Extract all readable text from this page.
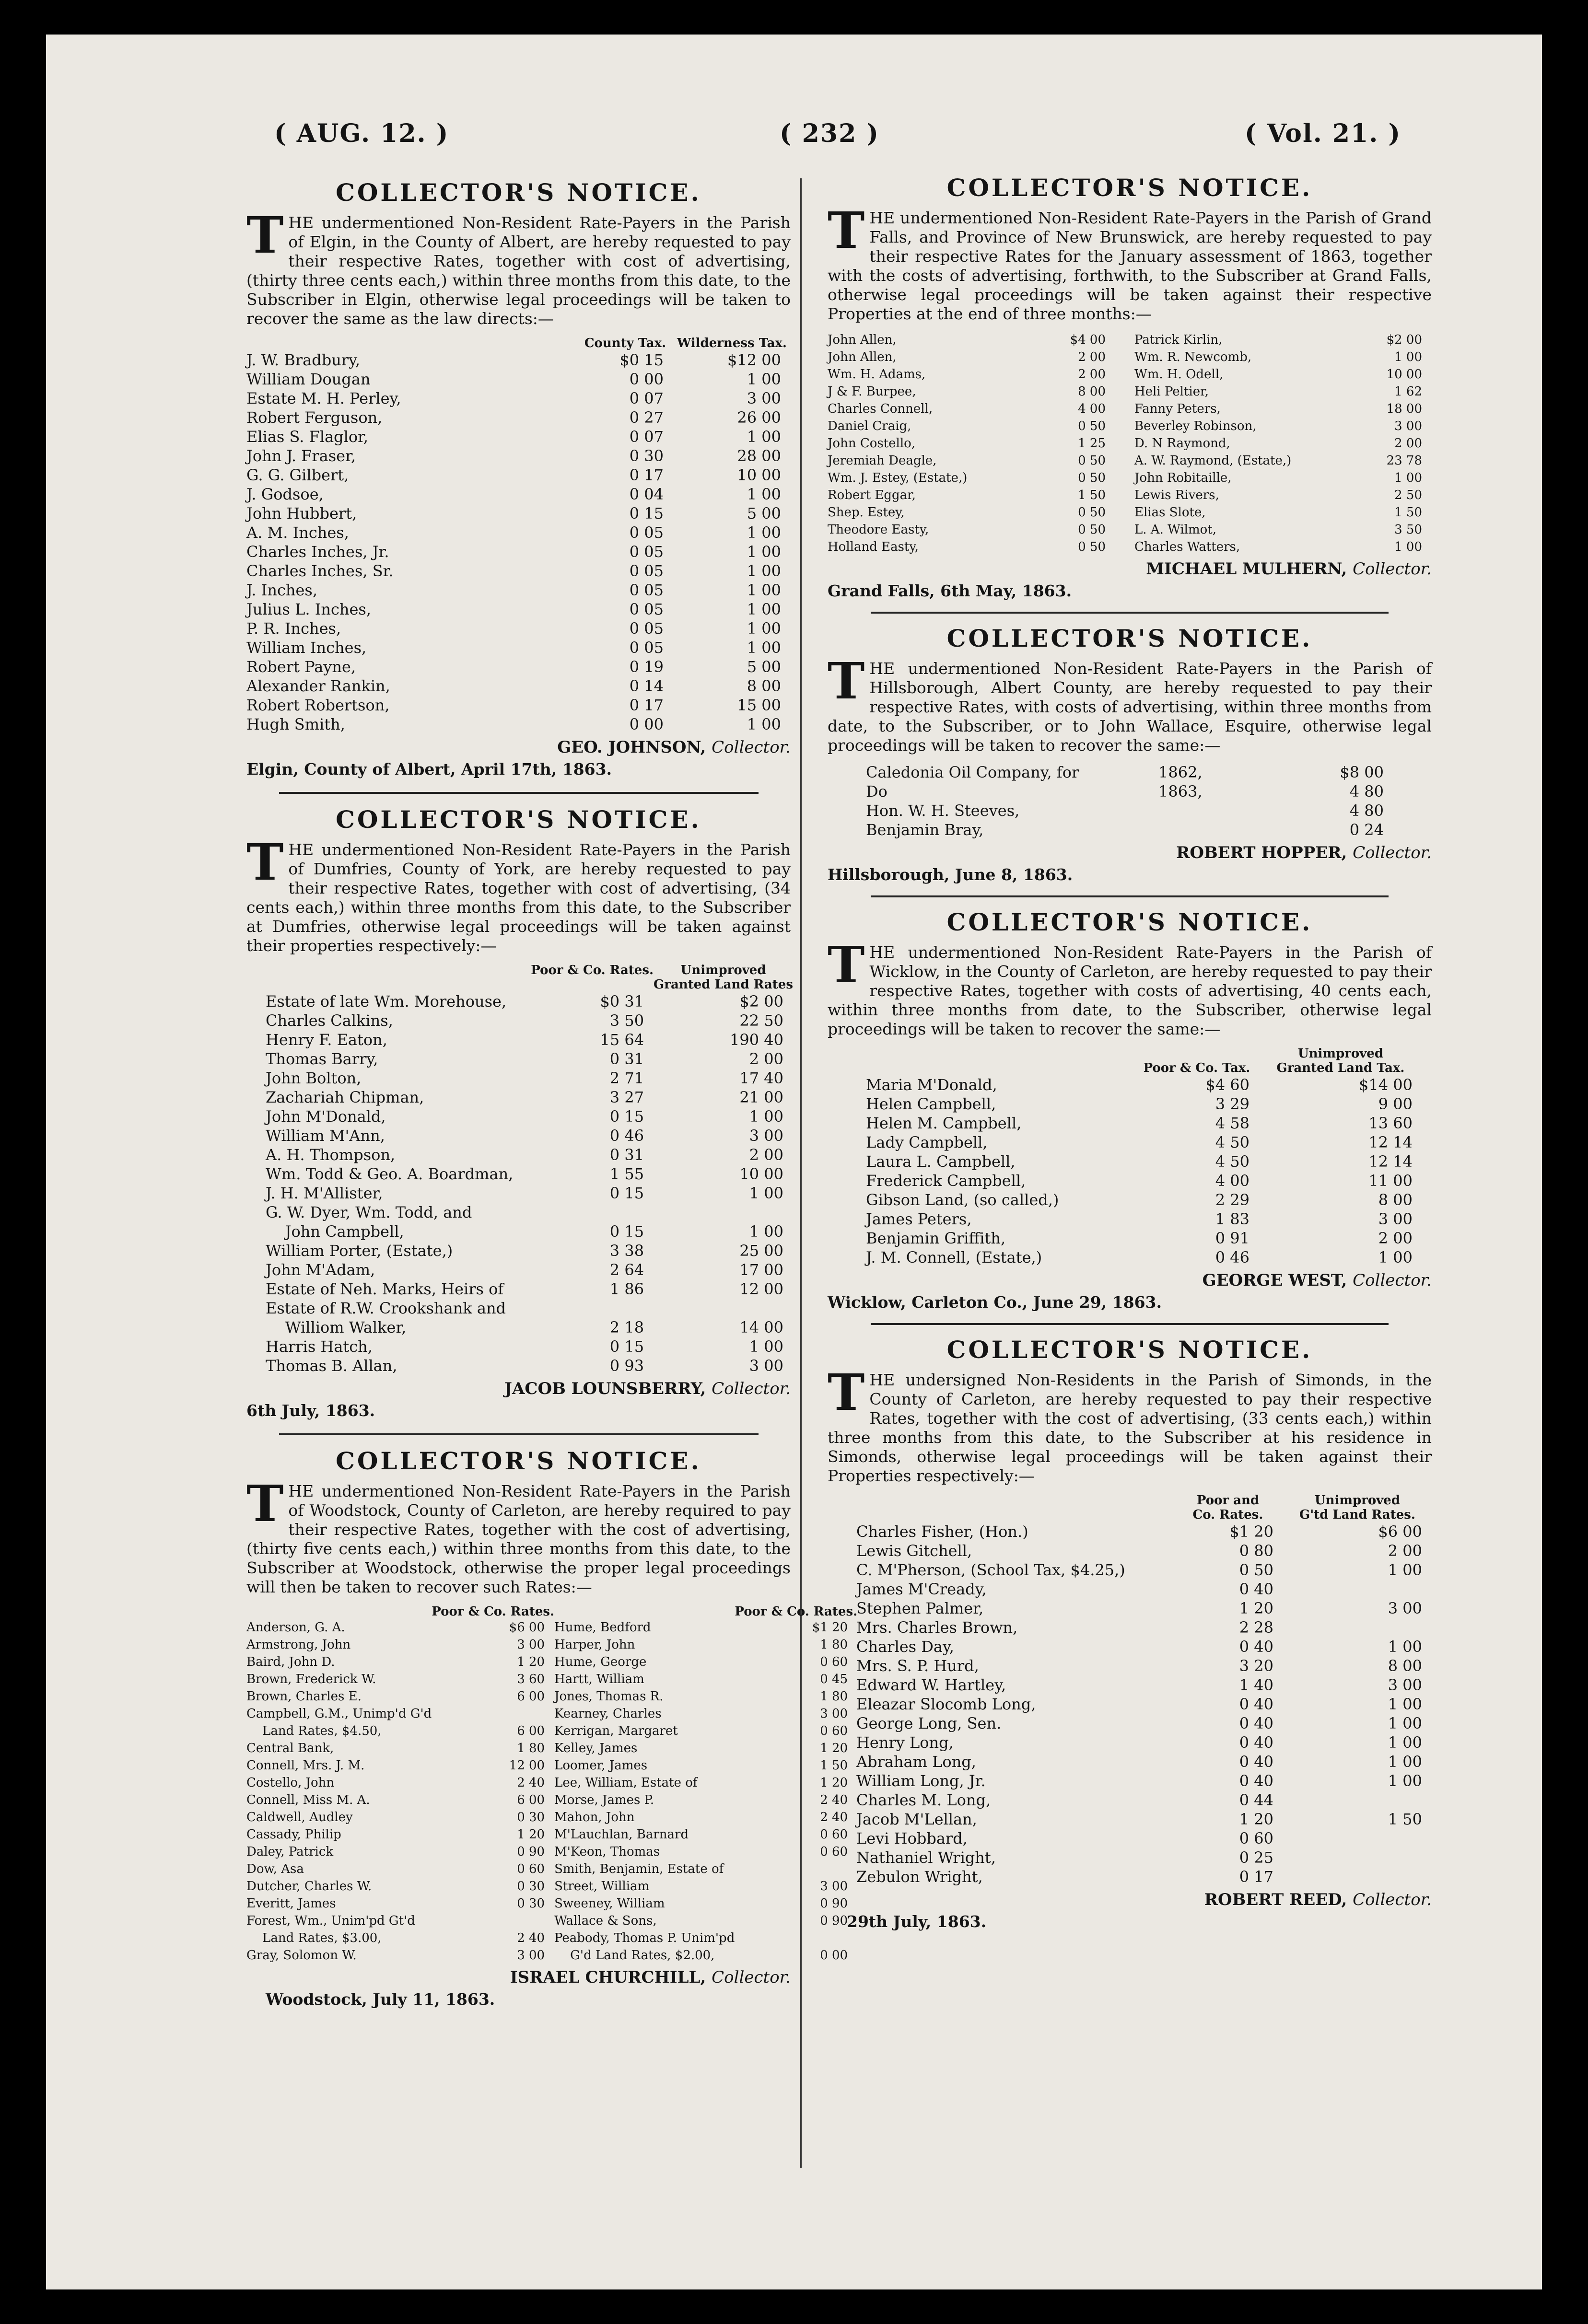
( AUG. 12. )	( 232 )	( Vol. 21. )
COLLECTOR'S NOTICE.
THE undermentioned Non-Resident Rate-Payers in the Parish of Elgin, in the County of Albert, are hereby requested to pay their respective Rates, together with cost of advertising, (thirty three cents each,) within three months from this date, to the Subscriber in Elgin, otherwise legal proceedings will be taken to recover the same as the law directs:—
	County Tax.	Wilderness Tax.
J. W. Bradbury,	$0 15	$12 00
William Dougan	0 00	1 00
Estate M. H. Perley,	0 07	3 00
Robert Ferguson,	0 27	26 00
Elias S. Flaglor,	0 07	1 00
John J. Fraser,	0 30	28 00
G. G. Gilbert,	0 17	10 00
J. Godsoe,	0 04	1 00
John Hubbert,	0 15	5 00
A. M. Inches,	0 05	1 00
Charles Inches, Jr.	0 05	1 00
Charles Inches, Sr.	0 05	1 00
J. Inches,	0 05	1 00
Julius L. Inches,	0 05	1 00
P. R. Inches,	0 05	1 00
William Inches,	0 05	1 00
Robert Payne,	0 19	5 00
Alexander Rankin,	0 14	8 00
Robert Robertson,	0 17	15 00
Hugh Smith,	0 00	1 00
GEO. JOHNSON, Collector.
Elgin, County of Albert, April 17th, 1863.
COLLECTOR'S NOTICE.
THE undermentioned Non-Resident Rate-Payers in the Parish of Dumfries, County of York, are hereby requested to pay their respective Rates, together with cost of advertising, (34 cents each,) within three months from this date, to the Subscriber at Dumfries, otherwise legal proceedings will be taken against their properties respectively:—
	Poor & Co. Rates.	Unimproved
		Granted Land Rates
Estate of late Wm. Morehouse,	$0 31	$2 00
Charles Calkins,	3 50	22 50
Henry F. Eaton,	15 64	190 40
Thomas Barry,	0 31	2 00
John Bolton,	2 71	17 40
Zachariah Chipman,	3 27	21 00
John M'Donald,	0 15	1 00
William M'Ann,	0 46	3 00
A. H. Thompson,	0 31	2 00
Wm. Todd & Geo. A. Boardman,	1 55	10 00
J. H. M'Allister,	0 15	1 00
G. W. Dyer, Wm. Todd, and		
John Campbell,	0 15	1 00
William Porter, (Estate,)	3 38	25 00
John M'Adam,	2 64	17 00
Estate of Neh. Marks, Heirs of	1 86	12 00
Estate of R.W. Crookshank and		
Williom Walker,	2 18	14 00
Harris Hatch,	0 15	1 00
Thomas B. Allan,	0 93	3 00
JACOB LOUNSBERRY, Collector.
6th July, 1863.
COLLECTOR'S NOTICE.
THE undermentioned Non-Resident Rate-Payers in the Parish of Woodstock, County of Carleton, are hereby required to pay their respective Rates, together with the cost of advertising, (thirty five cents each,) within three months from this date, to the Subscriber at Woodstock, otherwise the proper legal proceedings will then be taken to recover such Rates:—
	Poor & Co. Rates.
Anderson, G. A.	$6 00
Armstrong, John	3 00
Baird, John D.	1 20
Brown, Frederick W.	3 60
Brown, Charles E.	6 00
Campbell, G.M., Unimp'd G'd	
Land Rates, $4.50,	6 00
Central Bank,	1 80
Connell, Mrs. J. M.	12 00
Costello, John	2 40
Connell, Miss M. A.	6 00
Caldwell, Audley	0 30
Cassady, Philip	1 20
Daley, Patrick	0 90
Dow, Asa	0 60
Dutcher, Charles W.	0 30
Everitt, James	0 30
Forest, Wm., Unim'pd Gt'd	
Land Rates, $3.00,	2 40
Gray, Solomon W.	3 00
	Poor & Co. Rates.
Hume, Bedford	$1 20
Harper, John	1 80
Hume, George	0 60
Hartt, William	0 45
Jones, Thomas R.	1 80
Kearney, Charles	3 00
Kerrigan, Margaret	0 60
Kelley, James	1 20
Loomer, James	1 50
Lee, William, Estate of	1 20
Morse, James P.	2 40
Mahon, John	2 40
M'Lauchlan, Barnard	0 60
M'Keon, Thomas	0 60
Smith, Benjamin, Estate of	
Street, William	3 00
Sweeney, William	0 90
Wallace & Sons,	0 90
Peabody, Thomas P. Unim'pd	
G'd Land Rates, $2.00,	0 00
ISRAEL CHURCHILL, Collector.
Woodstock, July 11, 1863.
COLLECTOR'S NOTICE.
THE undermentioned Non-Resident Rate-Payers in the Parish of Grand Falls, and Province of New Brunswick, are hereby requested to pay their respective Rates for the January assessment of 1863, together with the costs of advertising, forthwith, to the Subscriber at Grand Falls, otherwise legal proceedings will be taken against their respective Properties at the end of three months:—
John Allen,	$4 00
John Allen,	2 00
Wm. H. Adams,	2 00
J & F. Burpee,	8 00
Charles Connell,	4 00
Daniel Craig,	0 50
John Costello,	1 25
Jeremiah Deagle,	0 50
Wm. J. Estey, (Estate,)	0 50
Robert Eggar,	1 50
Shep. Estey,	0 50
Theodore Easty,	0 50
Holland Easty,	0 50
Patrick Kirlin,	$2 00
Wm. R. Newcomb,	1 00
Wm. H. Odell,	10 00
Heli Peltier,	1 62
Fanny Peters,	18 00
Beverley Robinson,	3 00
D. N Raymond,	2 00
A. W. Raymond, (Estate,)	23 78
John Robitaille,	1 00
Lewis Rivers,	2 50
Elias Slote,	1 50
L. A. Wilmot,	3 50
Charles Watters,	1 00
MICHAEL MULHERN, Collector.
Grand Falls, 6th May, 1863.
COLLECTOR'S NOTICE.
THE undermentioned Non-Resident Rate-Payers in the Parish of Hillsborough, Albert County, are hereby requested to pay their respective Rates, with costs of advertising, within three months from date, to the Subscriber, or to John Wallace, Esquire, otherwise legal proceedings will be taken to recover the same:—
Caledonia Oil Company, for	1862,	$8 00
Do	1863,	4 80
Hon. W. H. Steeves,		4 80
Benjamin Bray,		0 24
ROBERT HOPPER, Collector.
Hillsborough, June 8, 1863.
COLLECTOR'S NOTICE.
THE undermentioned Non-Resident Rate-Payers in the Parish of Wicklow, in the County of Carleton, are hereby requested to pay their respective Rates, together with costs of advertising, 40 cents each, within three months from date, to the Subscriber, otherwise legal proceedings will be taken to recover the same:—
		Unimproved
	Poor & Co. Tax.	Granted Land Tax.
Maria M'Donald,	$4 60	$14 00
Helen Campbell,	3 29	9 00
Helen M. Campbell,	4 58	13 60
Lady Campbell,	4 50	12 14
Laura L. Campbell,	4 50	12 14
Frederick Campbell,	4 00	11 00
Gibson Land, (so called,)	2 29	8 00
James Peters,	1 83	3 00
Benjamin Griffith,	0 91	2 00
J. M. Connell, (Estate,)	0 46	1 00
GEORGE WEST, Collector.
Wicklow, Carleton Co., June 29, 1863.
COLLECTOR'S NOTICE.
THE undersigned Non-Residents in the Parish of Simonds, in the County of Carleton, are hereby requested to pay their respective Rates, together with the cost of advertising, (33 cents each,) within three months from this date, to the Subscriber at his residence in Simonds, otherwise legal proceedings will be taken against their Properties respectively:—
	Poor and	Unimproved
	Co. Rates.	G'td Land Rates.
Charles Fisher, (Hon.)	$1 20	$6 00
Lewis Gitchell,	0 80	2 00
C. M'Pherson, (School Tax, $4.25,)	0 50	1 00
James M'Cready,	0 40	
Stephen Palmer,	1 20	3 00
Mrs. Charles Brown,	2 28	
Charles Day,	0 40	1 00
Mrs. S. P. Hurd,	3 20	8 00
Edward W. Hartley,	1 40	3 00
Eleazar Slocomb Long,	0 40	1 00
George Long, Sen.	0 40	1 00
Henry Long,	0 40	1 00
Abraham Long,	0 40	1 00
William Long, Jr.	0 40	1 00
Charles M. Long,	0 44	
Jacob M'Lellan,	1 20	1 50
Levi Hobbard,	0 60	
Nathaniel Wright,	0 25	
Zebulon Wright,	0 17	
ROBERT REED, Collector.
29th July, 1863.
